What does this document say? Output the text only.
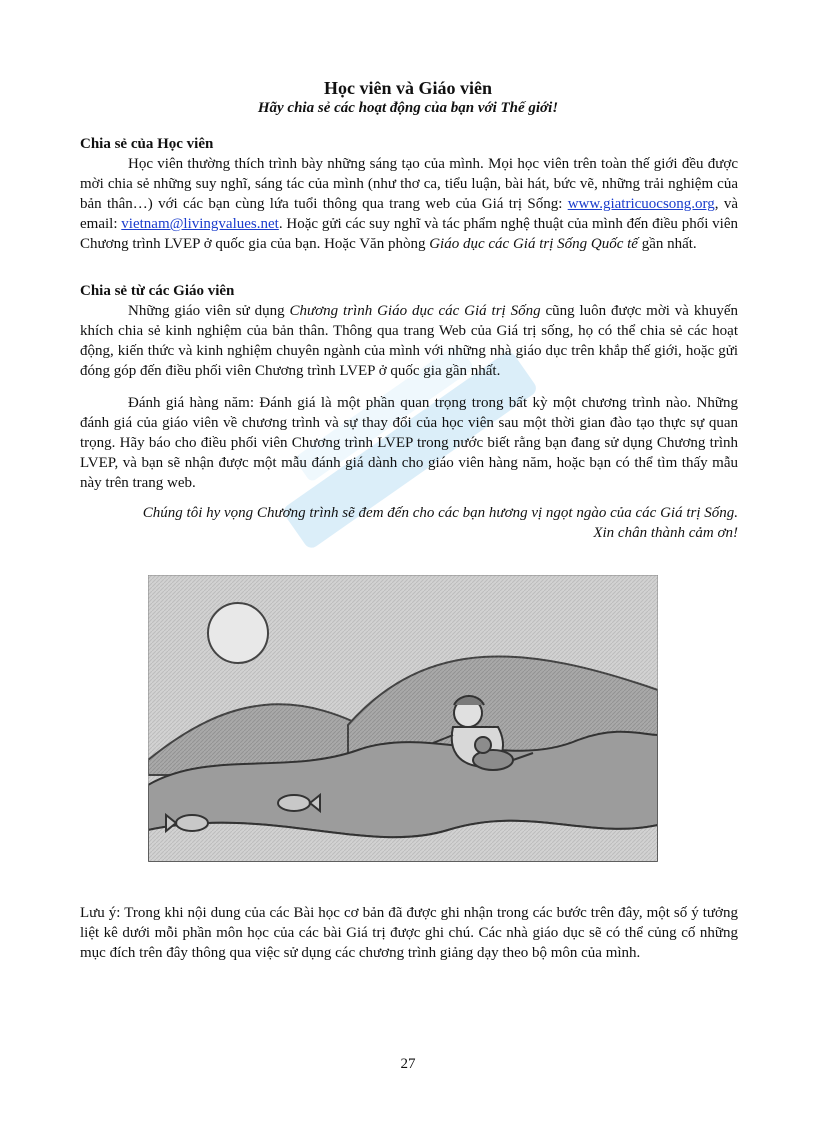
Học viên và Giáo viên
Hãy chia sẻ các hoạt động của bạn với Thế giới!
Chia sẻ của Học viên

Học viên thường thích trình bày những sáng tạo của mình. Mọi học viên trên toàn thế giới đều được mời chia sẻ những suy nghĩ, sáng tác của mình (như thơ ca, tiểu luận, bài hát, bức vẽ, những trải nghiệm của bản thân…) với các bạn cùng lứa tuổi thông qua trang web của Giá trị Sống: www.giatricuocsong.org, và email: vietnam@livingvalues.net. Hoặc gửi các suy nghĩ và tác phẩm nghệ thuật của mình đến điều phối viên Chương trình LVEP ở quốc gia của bạn. Hoặc Văn phòng Giáo dục các Giá trị Sống Quốc tế gần nhất.

Chia sẻ từ các Giáo viên

Những giáo viên sử dụng Chương trình Giáo dục các Giá trị Sống cũng luôn được mời và khuyến khích chia sẻ kinh nghiệm của bản thân. Thông qua trang Web của Giá trị sống, họ có thể chia sẻ các hoạt động, kiến thức và kinh nghiệm chuyên ngành của mình với những nhà giáo dục trên khắp thế giới, hoặc gửi đóng góp đến điều phối viên Chương trình LVEP ở quốc gia gần nhất.

Đánh giá hàng năm: Đánh giá là một phần quan trọng trong bất kỳ một chương trình nào. Những đánh giá của giáo viên về chương trình và sự thay đổi của học viên sau một thời gian đào tạo thực sự quan trọng. Hãy báo cho điều phối viên Chương trình LVEP trong nước biết rằng bạn đang sử dụng Chương trình LVEP, và bạn sẽ nhận được một mẫu đánh giá dành cho giáo viên hàng năm, hoặc bạn có thể tìm thấy mẫu này trên trang web.

Chúng tôi hy vọng Chương trình sẽ đem đến cho các bạn hương vị ngọt ngào của các Giá trị Sống.
Xin chân thành cảm ơn!

Lưu ý: Trong khi nội dung của các Bài học cơ bản đã được ghi nhận trong các bước trên đây, một số ý tưởng liệt kê dưới mỗi phần môn học của các bài Giá trị được ghi chú. Các nhà giáo dục sẽ có thể củng cố những mục đích trên đây thông qua việc sử dụng các chương trình giảng dạy theo bộ môn của mình.

27
